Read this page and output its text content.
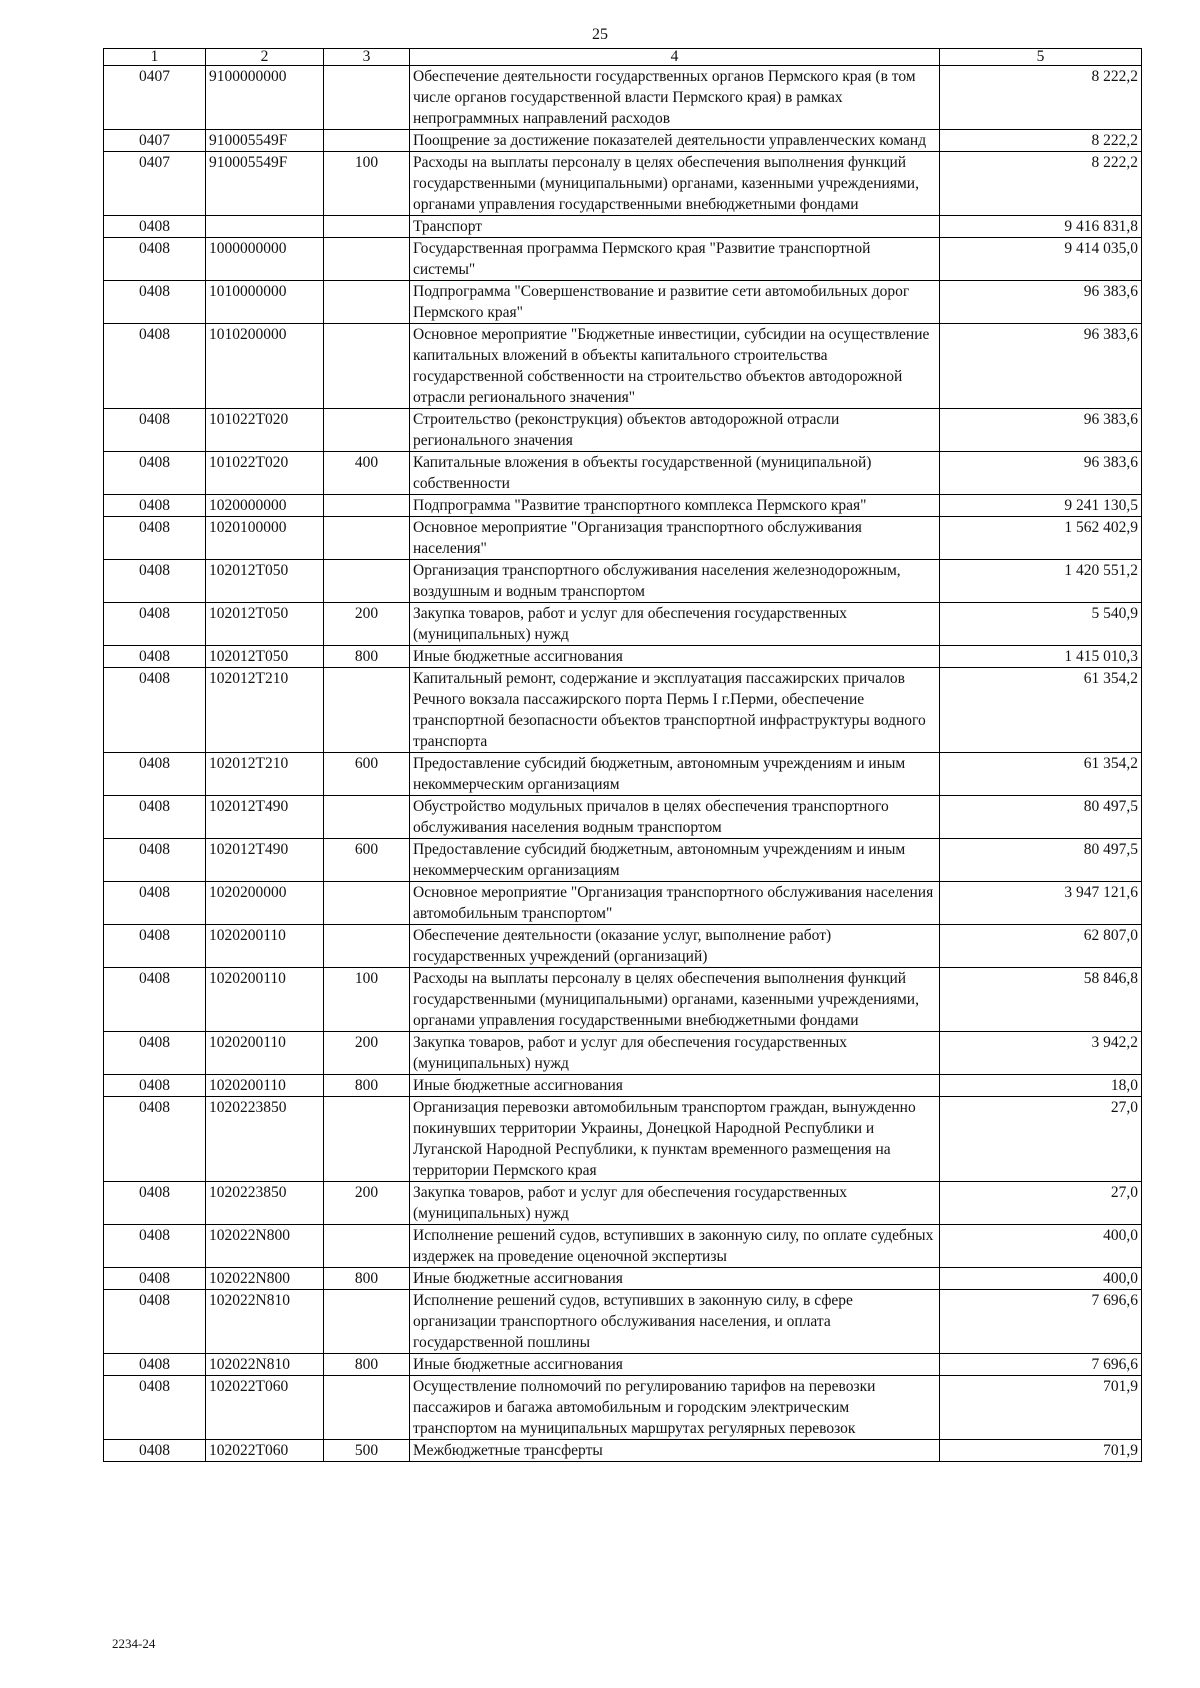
25
1	2	3	4	5
0407	9100000000		Обеспечение деятельности государственных органов Пермского края (в том числе органов государственной власти Пермского края) в рамках непрограммных направлений расходов	8 222,2
0407	910005549F		Поощрение за достижение показателей деятельности управленческих команд	8 222,2
0407	910005549F	100	Расходы на выплаты персоналу в целях обеспечения выполнения функций государственными (муниципальными) органами, казенными учреждениями, органами управления государственными внебюджетными фондами	8 222,2
0408			Транспорт	9 416 831,8
0408	1000000000		Государственная программа Пермского края "Развитие транспортной системы"	9 414 035,0
0408	1010000000		Подпрограмма "Совершенствование и развитие сети автомобильных дорог Пермского края"	96 383,6
0408	1010200000		Основное мероприятие "Бюджетные инвестиции, субсидии на осуществление капитальных вложений в объекты капитального строительства государственной собственности на строительство объектов автодорожной отрасли регионального значения"	96 383,6
0408	101022T020		Строительство (реконструкция) объектов автодорожной отрасли регионального значения	96 383,6
0408	101022T020	400	Капитальные вложения в объекты государственной (муниципальной) собственности	96 383,6
0408	1020000000		Подпрограмма "Развитие транспортного комплекса Пермского края"	9 241 130,5
0408	1020100000		Основное мероприятие "Организация транспортного обслуживания населения"	1 562 402,9
0408	102012T050		Организация транспортного обслуживания населения железнодорожным, воздушным и водным транспортом	1 420 551,2
0408	102012T050	200	Закупка товаров, работ и услуг для обеспечения государственных (муниципальных) нужд	5 540,9
0408	102012T050	800	Иные бюджетные ассигнования	1 415 010,3
0408	102012T210		Капитальный ремонт, содержание и эксплуатация пассажирских причалов Речного вокзала пассажирского порта Пермь I г.Перми, обеспечение транспортной безопасности объектов транспортной инфраструктуры водного транспорта	61 354,2
0408	102012T210	600	Предоставление субсидий бюджетным, автономным учреждениям и иным некоммерческим организациям	61 354,2
0408	102012T490		Обустройство модульных причалов в целях обеспечения транспортного обслуживания населения водным транспортом	80 497,5
0408	102012T490	600	Предоставление субсидий бюджетным, автономным учреждениям и иным некоммерческим организациям	80 497,5
0408	1020200000		Основное мероприятие "Организация транспортного обслуживания населения автомобильным транспортом"	3 947 121,6
0408	1020200110		Обеспечение деятельности (оказание услуг, выполнение работ) государственных учреждений (организаций)	62 807,0
0408	1020200110	100	Расходы на выплаты персоналу в целях обеспечения выполнения функций государственными (муниципальными) органами, казенными учреждениями, органами управления государственными внебюджетными фондами	58 846,8
0408	1020200110	200	Закупка товаров, работ и услуг для обеспечения государственных (муниципальных) нужд	3 942,2
0408	1020200110	800	Иные бюджетные ассигнования	18,0
0408	1020223850		Организация перевозки автомобильным транспортом граждан, вынужденно покинувших территории Украины, Донецкой Народной Республики и Луганской Народной Республики, к пунктам временного размещения на территории Пермского края	27,0
0408	1020223850	200	Закупка товаров, работ и услуг для обеспечения государственных (муниципальных) нужд	27,0
0408	102022N800		Исполнение решений судов, вступивших в законную силу, по оплате судебных издержек на проведение оценочной экспертизы	400,0
0408	102022N800	800	Иные бюджетные ассигнования	400,0
0408	102022N810		Исполнение решений судов, вступивших в законную силу, в сфере организации транспортного обслуживания населения, и оплата государственной пошлины	7 696,6
0408	102022N810	800	Иные бюджетные ассигнования	7 696,6
0408	102022T060		Осуществление полномочий по регулированию тарифов на перевозки пассажиров и багажа автомобильным и городским электрическим транспортом на муниципальных маршрутах регулярных перевозок	701,9
0408	102022T060	500	Межбюджетные трансферты	701,9
2234-24
